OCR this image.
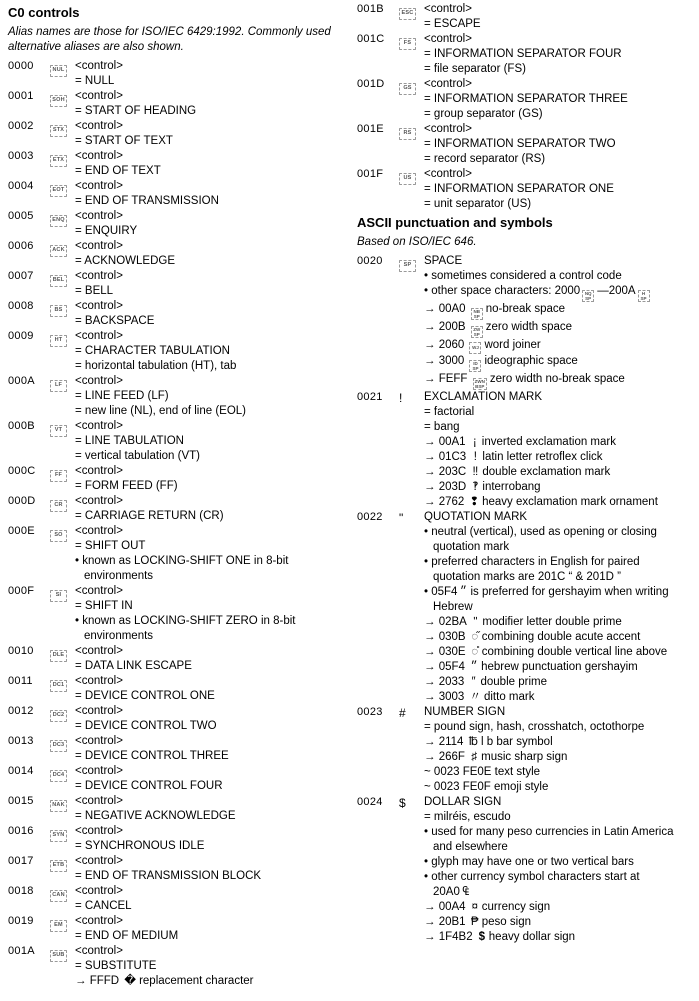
C0 controls
Alias names are those for ISO/IEC 6429:1992. Commonly used
alternative aliases are also shown.
0000	NUL <control>
= NULL
0001	SOH <control>
= START OF HEADING
0002	STX <control>
= START OF TEXT
0003	ETX <control>
= END OF TEXT
0004	EOT <control>
= END OF TRANSMISSION
0005	ENQ <control>
= ENQUIRY
0006	ACK <control>
= ACKNOWLEDGE
0007	BEL <control>
= BELL
0008	BS	<control>
= BACKSPACE
0009	HT	<control>
= CHARACTER TABULATION
= horizontal tabulation (HT), tab
000A	LF	<control>
= LINE FEED (LF)
= new line (NL), end of line (EOL)
000B	VT	<control>
= LINE TABULATION
= vertical tabulation (VT)
000C	FF	<control>
= FORM FEED (FF)
000D	CR	<control>
= CARRIAGE RETURN (CR)
000E	SO	<control>
= SHIFT OUT
• known as LOCKING-SHIFT ONE in 8-bit
environments
000F	SI	<control>
= SHIFT IN
• known as LOCKING-SHIFT ZERO in 8-bit
environments
0010	DLE <control>
= DATA LINK ESCAPE
0011	DC1 <control>
= DEVICE CONTROL ONE
0012	DC2 <control>
= DEVICE CONTROL TWO
0013	DC3 <control>
= DEVICE CONTROL THREE
0014	DC4 <control>
= DEVICE CONTROL FOUR
0015	NAK <control>
= NEGATIVE ACKNOWLEDGE
0016	SYN <control>
= SYNCHRONOUS IDLE
0017	ETB <control>
= END OF TRANSMISSION BLOCK
0018	CAN <control>
= CANCEL
0019	EM	<control>
= END OF MEDIUM
001A	SUB <control>
= SUBSTITUTE
→ FFFD � replacement character
001B	ESC <control>
= ESCAPE
001C	FS	<control>
= INFORMATION SEPARATOR FOUR
= file separator (FS)
001D	GS	<control>
= INFORMATION SEPARATOR THREE
= group separator (GS)
001E	RS	<control>
= INFORMATION SEPARATOR TWO
= record separator (RS)
001F	US	<control>
= INFORMATION SEPARATOR ONE
= unit separator (US)
ASCII punctuation and symbols
Based on ISO/IEC 646.
0020	SP	SPACE
• sometimes considered a control code
• other space characters: 2000 NQ
SP
—200A H
SP
→ 00A0 NB
SP
no-break space
→ 200B ZW
SP
zero width space
→ 2060 WJ word joiner
→ 3000 ID
SP
ideographic space
→ FEFF ZWN
BSP
zero width no-break space
0021	!	EXCLAMATION MARK
= factorial
= bang
→ 00A1 ¡ inverted exclamation mark
→ 01C3 ǃ latin letter retroflex click
→ 203C ‼ double exclamation mark
→ 203D ‽ interrobang
→ 2762 ❢ heavy exclamation mark ornament
0022	"	QUOTATION MARK
• neutral (vertical), used as opening or closing
quotation mark
• preferred characters in English for paired
quotation marks are 201C “ & 201D ”
• 05F4 ״ is preferred for gershayim when writing
Hebrew
→ 02BA ʺ modifier letter double prime
→ 030B ◌̋ combining double acute accent
→ 030E ◌̎ combining double vertical line above
→ 05F4 ״ hebrew punctuation gershayim
→ 2033 ″ double prime
→ 3003 〃 ditto mark
0023	#	NUMBER SIGN
= pound sign, hash, crosshatch, octothorpe
→ 2114 ℔ l b bar symbol
→ 266F ♯ music sharp sign
~ 0023 FE0E text style
~ 0023 FE0F emoji style
0024	$	DOLLAR SIGN
= milréis, escudo
• used for many peso currencies in Latin America
and elsewhere
• glyph may have one or two vertical bars
• other currency symbol characters start at
20A0 ₠
→ 00A4 ¤ currency sign
→ 20B1 ₱ peso sign
→ 1F4B2 $ heavy dollar sign
